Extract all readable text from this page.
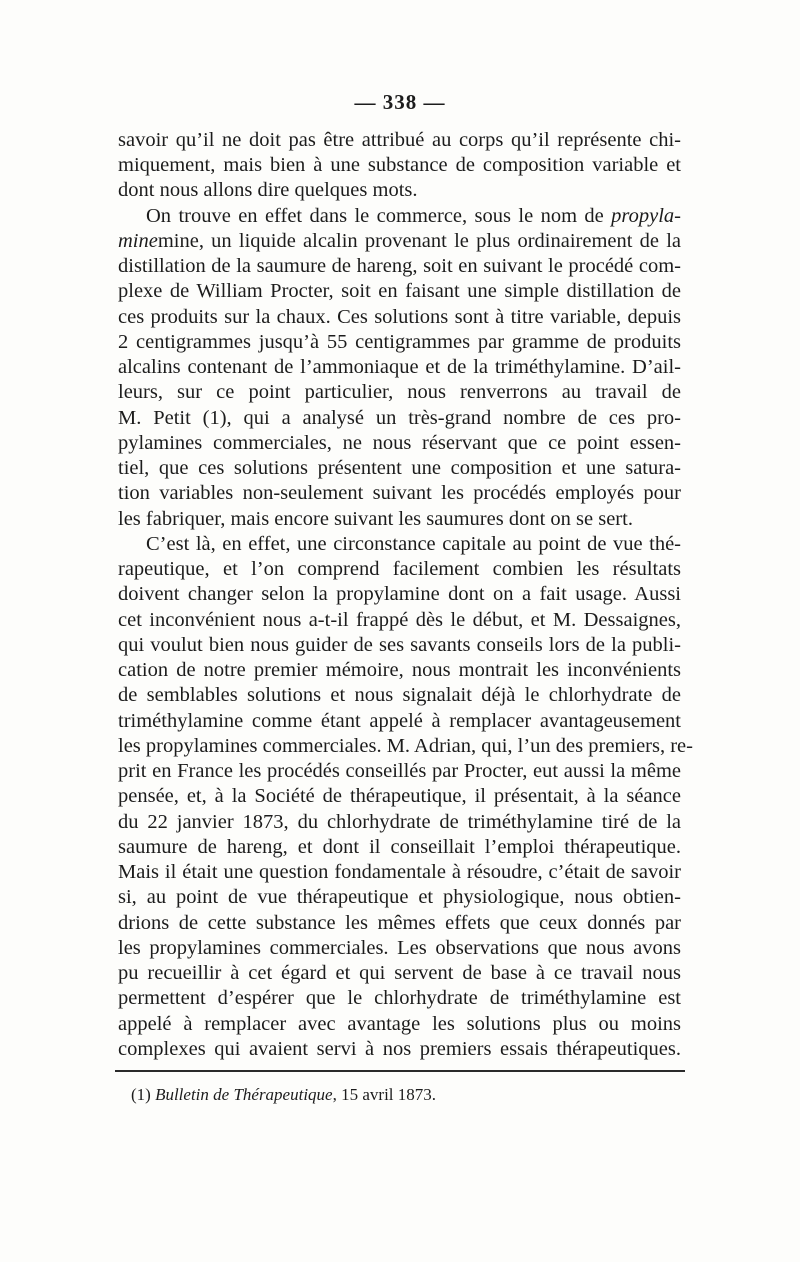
— 338 —
savoir qu’il ne doit pas être attribué au corps qu’il représente chi-
miquement, mais bien à une substance de composition variable et
dont nous allons dire quelques mots.
On trouve en effet dans le commerce, sous le nom de propyla-
minemine, un liquide alcalin provenant le plus ordinairement de la
distillation de la saumure de hareng, soit en suivant le procédé com-
plexe de William Procter, soit en faisant une simple distillation de
ces produits sur la chaux. Ces solutions sont à titre variable, depuis
2 centigrammes jusqu’à 55 centigrammes par gramme de produits
alcalins contenant de l’ammoniaque et de la triméthylamine. D’ail-
leurs, sur ce point particulier, nous renverrons au travail de
M. Petit (1), qui a analysé un très-grand nombre de ces pro-
pylamines commerciales, ne nous réservant que ce point essen-
tiel, que ces solutions présentent une composition et une satura-
tion variables non-seulement suivant les procédés employés pour
les fabriquer, mais encore suivant les saumures dont on se sert.
C’est là, en effet, une circonstance capitale au point de vue thé-
rapeutique, et l’on comprend facilement combien les résultats
doivent changer selon la propylamine dont on a fait usage. Aussi
cet inconvénient nous a-t-il frappé dès le début, et M. Dessaignes,
qui voulut bien nous guider de ses savants conseils lors de la publi-
cation de notre premier mémoire, nous montrait les inconvénients
de semblables solutions et nous signalait déjà le chlorhydrate de
triméthylamine comme étant appelé à remplacer avantageusement
les propylamines commerciales. M. Adrian, qui, l’un des premiers, re-
prit en France les procédés conseillés par Procter, eut aussi la même
pensée, et, à la Société de thérapeutique, il présentait, à la séance
du 22 janvier 1873, du chlorhydrate de triméthylamine tiré de la
saumure de hareng, et dont il conseillait l’emploi thérapeutique.
Mais il était une question fondamentale à résoudre, c’était de savoir
si, au point de vue thérapeutique et physiologique, nous obtien-
drions de cette substance les mêmes effets que ceux donnés par
les propylamines commerciales. Les observations que nous avons
pu recueillir à cet égard et qui servent de base à ce travail nous
permettent d’espérer que le chlorhydrate de triméthylamine est
appelé à remplacer avec avantage les solutions plus ou moins
complexes qui avaient servi à nos premiers essais thérapeutiques.
(1) Bulletin de Thérapeutique, 15 avril 1873.
